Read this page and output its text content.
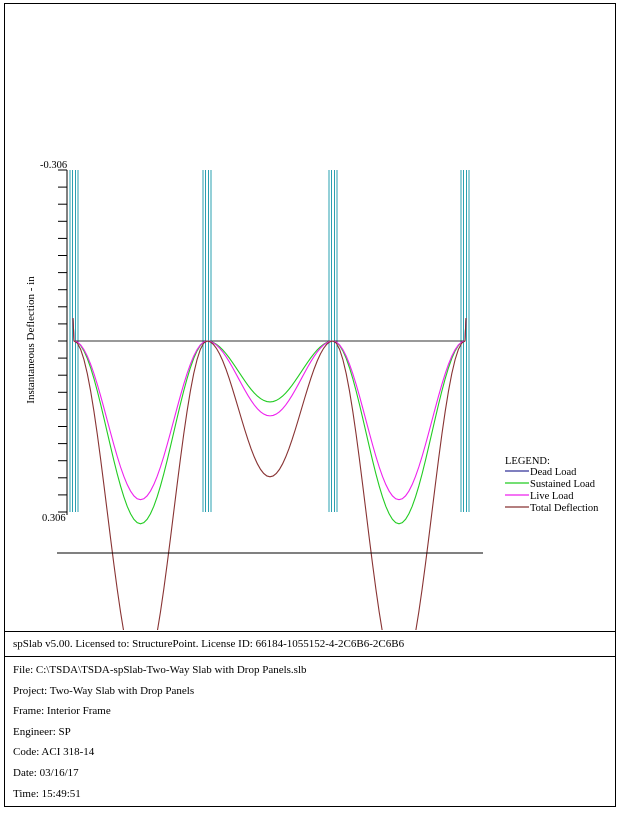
-0.306
0.306
Instantaneous Deflection - in
LEGEND:
Dead Load
Sustained Load
Live Load
Total Deflection
spSlab v5.00. Licensed to: StructurePoint. License ID: 66184-1055152-4-2C6B6-2C6B6
File: C:\TSDA\TSDA-spSlab-Two-Way Slab with Drop Panels.slb
Project: Two-Way Slab with Drop Panels
Frame: Interior Frame
Engineer: SP
Code: ACI 318-14
Date: 03/16/17
Time: 15:49:51
